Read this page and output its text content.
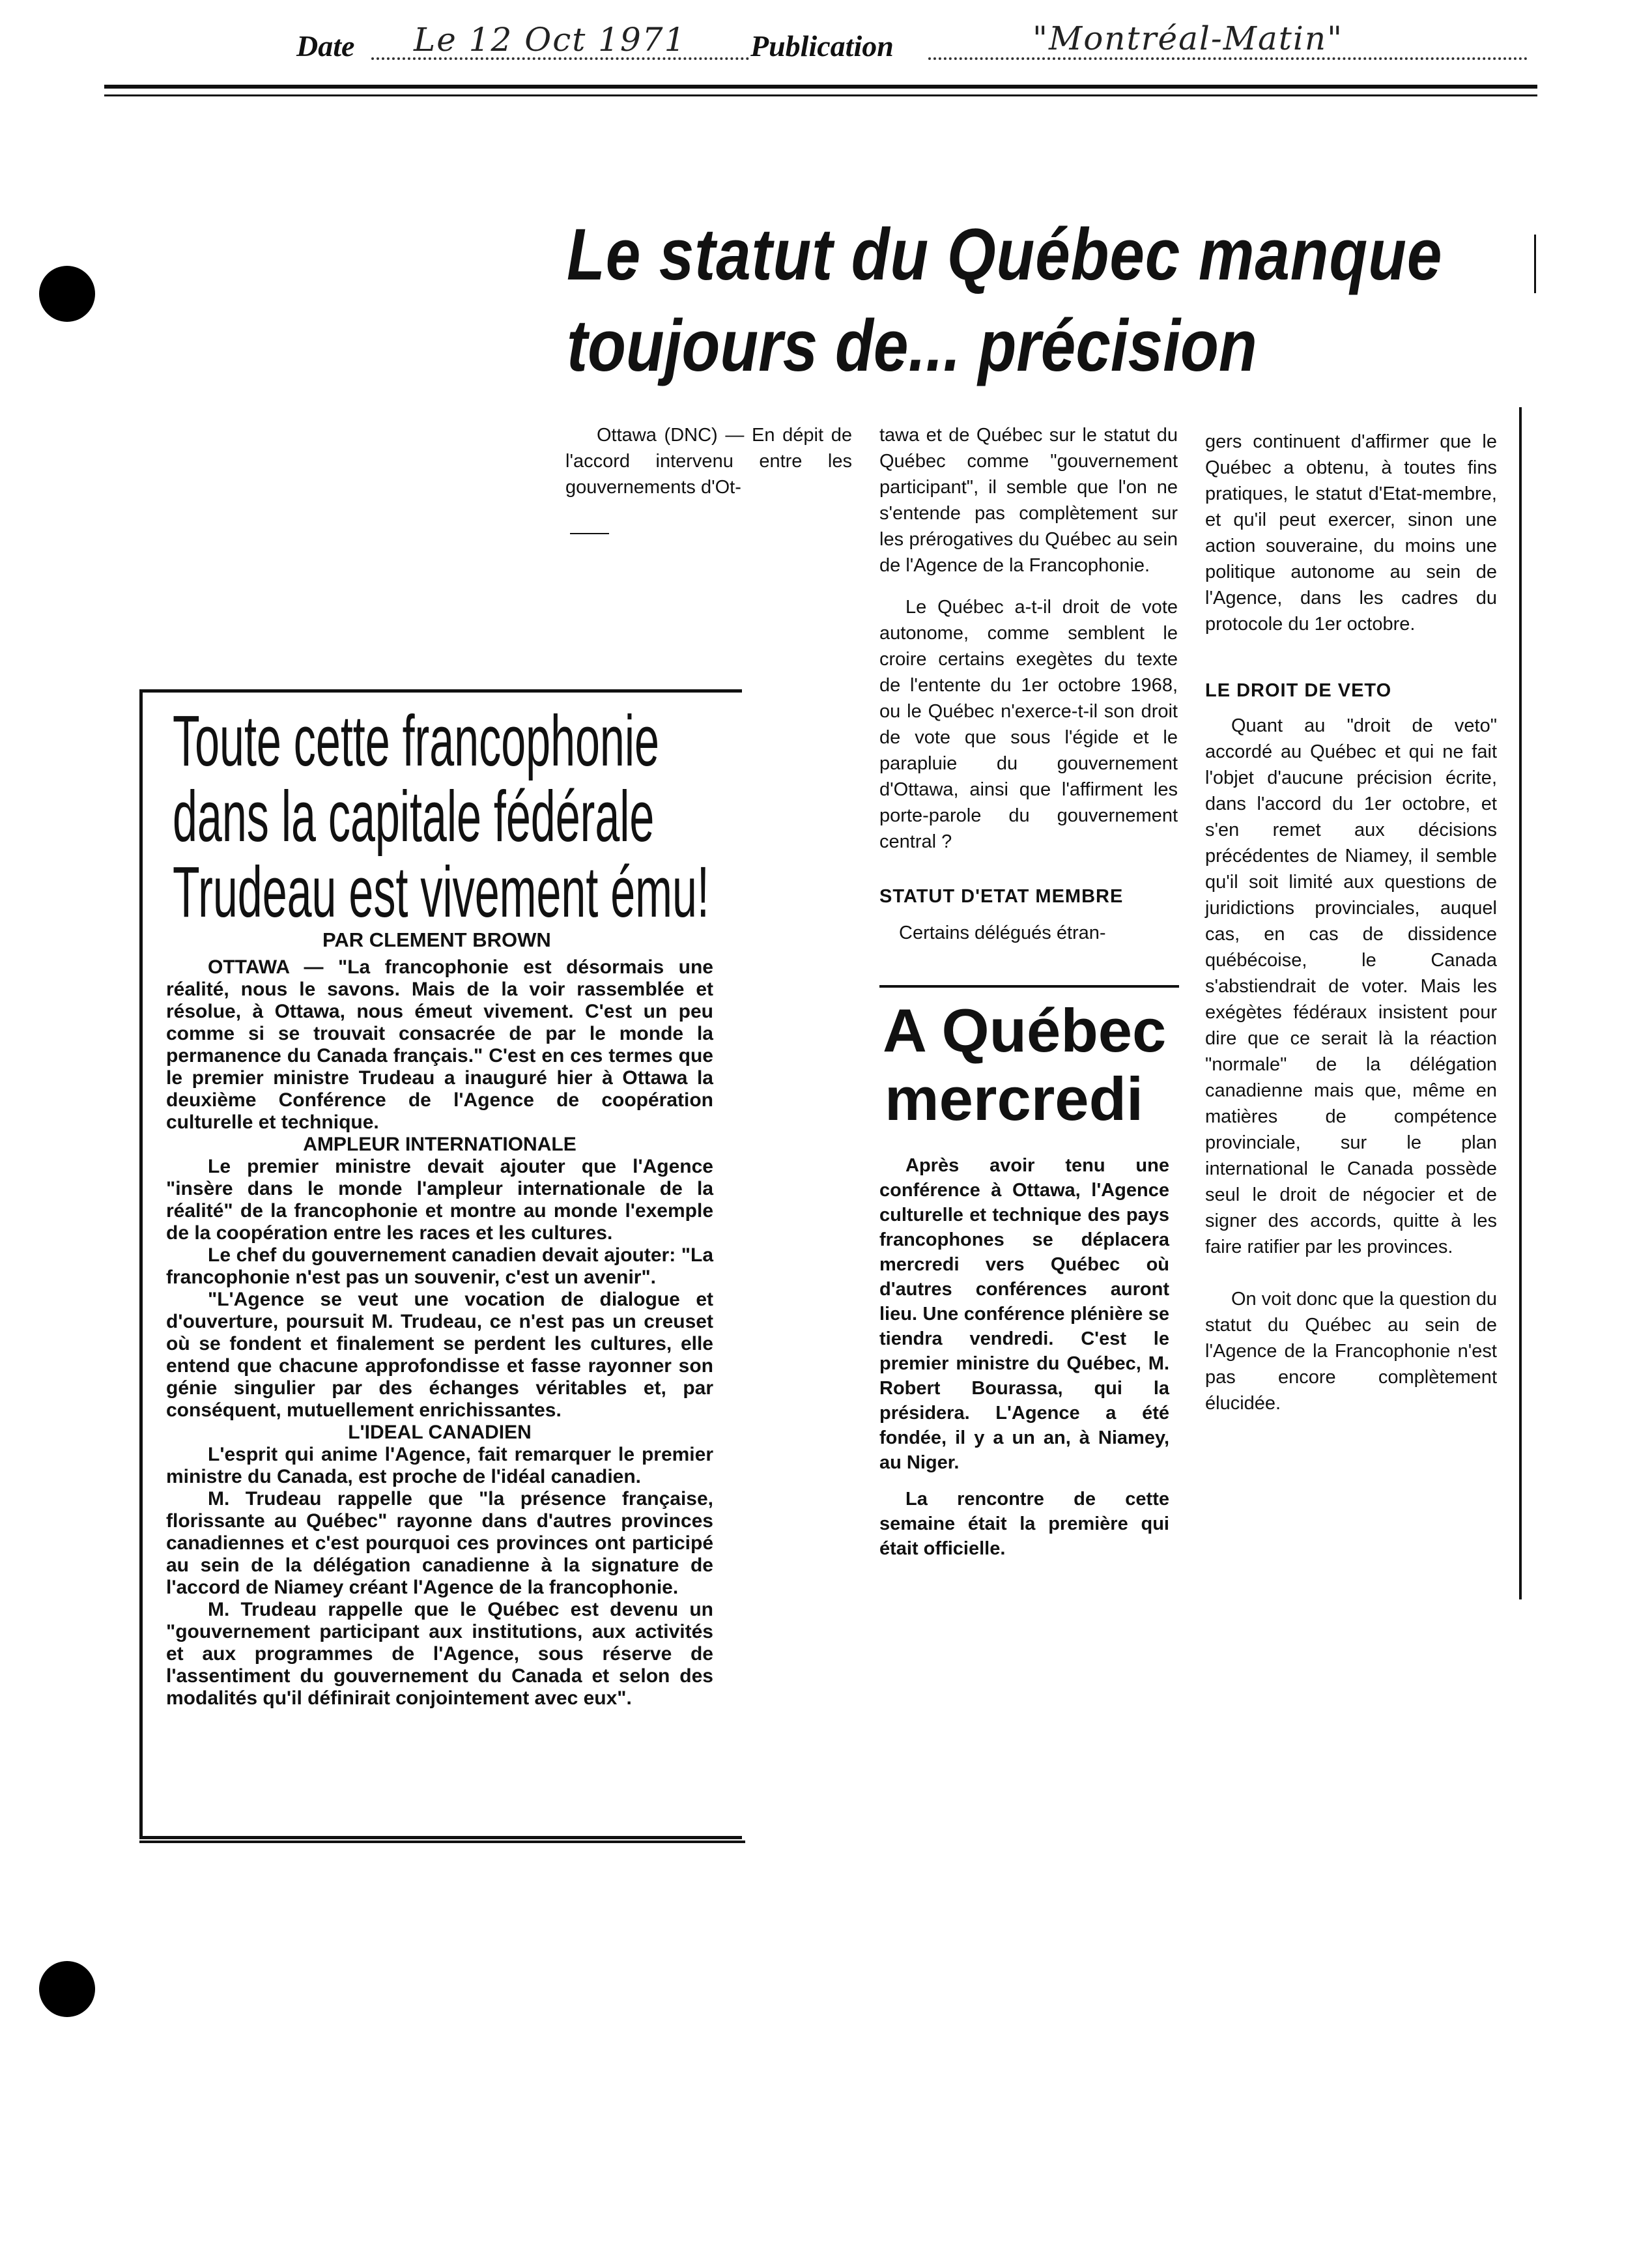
Date Le 12 Oct 1971 Publication	"Montréal-Matin"
Le statut du Québec manque
toujours de... précision

Ottawa (DNC) — En dépit de l'accord intervenu entre les gouvernements d'Ot-

tawa et de Québec sur le statut du Québec comme "gouvernement participant", il semble que l'on ne s'entende pas complètement sur les prérogatives du Québec au sein de l'Agence de la Francophonie.

Le Québec a-t-il droit de vote autonome, comme semblent le croire certains exegètes du texte de l'entente du 1er octobre 1968, ou le Québec n'exerce-t-il son droit de vote que sous l'égide et le parapluie du gouvernement d'Ottawa, ainsi que l'affirment les porte-parole du gouvernement central ?

STATUT D'ETAT MEMBRE

Certains délégués étran-

gers continuent d'affirmer que le Québec a obtenu, à toutes fins pratiques, le statut d'Etat-membre, et qu'il peut exercer, sinon une action souveraine, du moins une politique autonome au sein de l'Agence, dans les cadres du protocole du 1er octobre.

LE DROIT DE VETO

Quant au "droit de veto" accordé au Québec et qui ne fait l'objet d'aucune précision écrite, dans l'accord du 1er octobre, et s'en remet aux décisions précédentes de Niamey, il semble qu'il soit limité aux questions de juridictions provinciales, auquel cas, en cas de dissidence québécoise, le Canada s'abstiendrait de voter. Mais les exégètes fédéraux insistent pour dire que ce serait là la réaction "normale" de la délégation canadienne mais que, même en matières de compétence provinciale, sur le plan international le Canada possède seul le droit de négocier et de signer des accords, quitte à les faire ratifier par les provinces.

On voit donc que la question du statut du Québec au sein de l'Agence de la Francophonie n'est pas encore complètement élucidée.

Toute cette francophonie
dans la capitale fédérale
Trudeau est vivement ému!
PAR CLEMENT BROWN

OTTAWA — "La francophonie est désormais une réalité, nous le savons. Mais de la voir rassemblée et résolue, à Ottawa, nous émeut vivement. C'est un peu comme si se trouvait consacrée de par le monde la permanence du Canada français." C'est en ces termes que le premier ministre Trudeau a inauguré hier à Ottawa la deuxième Conférence de l'Agence de coopération culturelle et technique.

AMPLEUR INTERNATIONALE

Le premier ministre devait ajouter que l'Agence "insère dans le monde l'ampleur internationale de la réalité" de la francophonie et montre au monde l'exemple de la coopération entre les races et les cultures.

Le chef du gouvernement canadien devait ajouter: "La francophonie n'est pas un souvenir, c'est un avenir".

"L'Agence se veut une vocation de dialogue et d'ouverture, poursuit M. Trudeau, ce n'est pas un creuset où se fondent et finalement se perdent les cultures, elle entend que chacune approfondisse et fasse rayonner son génie singulier par des échanges véritables et, par conséquent, mutuellement enrichissantes.

L'IDEAL CANADIEN

L'esprit qui anime l'Agence, fait remarquer le premier ministre du Canada, est proche de l'idéal canadien.

M. Trudeau rappelle que "la présence française, florissante au Québec" rayonne dans d'autres provinces canadiennes et c'est pourquoi ces provinces ont participé au sein de la délégation canadienne à la signature de l'accord de Niamey créant l'Agence de la francophonie.

M. Trudeau rappelle que le Québec est devenu un "gouvernement participant aux institutions, aux activités et aux programmes de l'Agence, sous réserve de l'assentiment du gouvernement du Canada et selon des modalités qu'il définirait conjointement avec eux".

A Québec
mercredi

Après avoir tenu une conférence à Ottawa, l'Agence culturelle et technique des pays francophones se déplacera mercredi vers Québec où d'autres conférences auront lieu. Une conférence plénière se tiendra vendredi. C'est le premier ministre du Québec, M. Robert Bourassa, qui la présidera. L'Agence a été fondée, il y a un an, à Niamey, au Niger.

La rencontre de cette semaine était la première qui était officielle.
